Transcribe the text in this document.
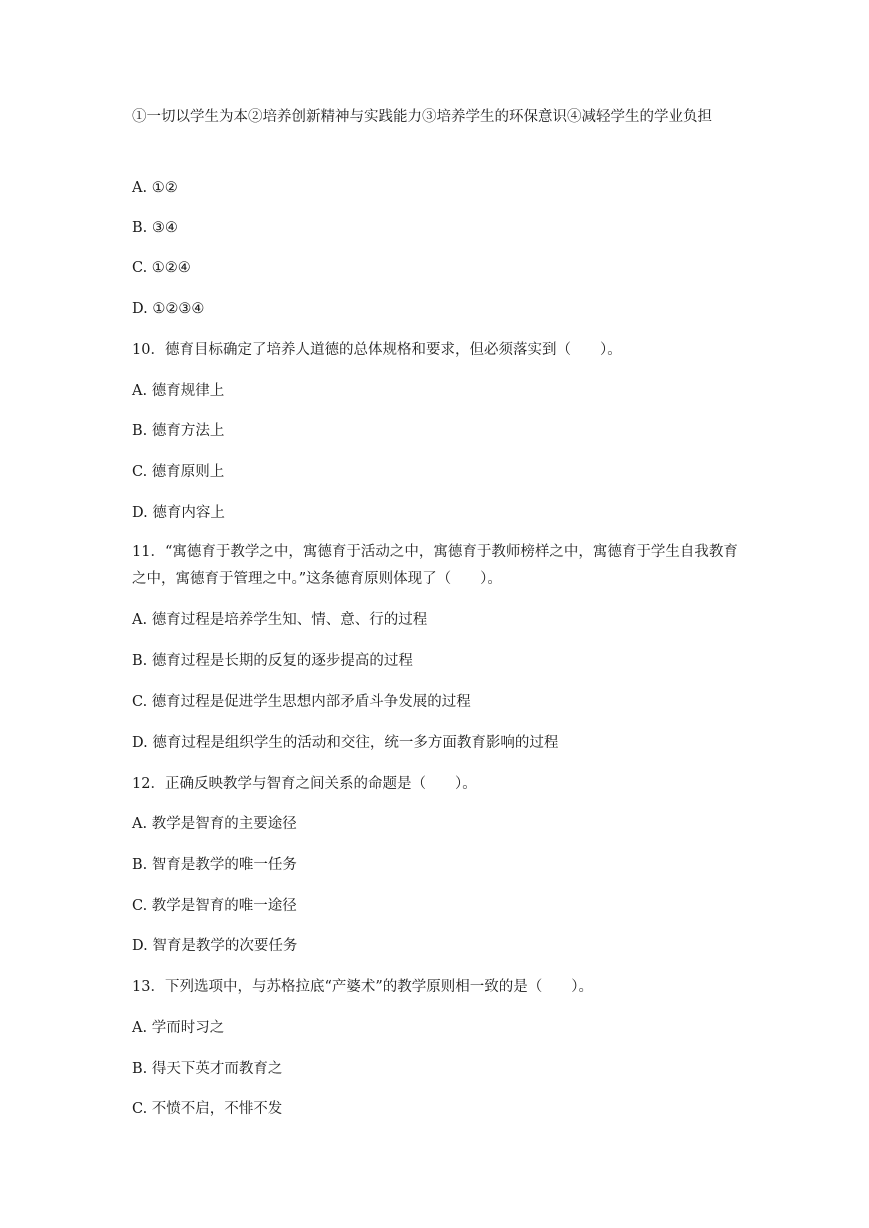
①一切以学生为本②培养创新精神与实践能力③培养学生的环保意识④减轻学生的学业负担
A. ①②
B. ③④
C. ①②④
D. ①②③④
10．德育目标确定了培养人道德的总体规格和要求，但必须落实到（　　）。
A. 德育规律上
B. 德育方法上
C. 德育原则上
D. 德育内容上
11．“寓德育于教学之中，寓德育于活动之中，寓德育于教师榜样之中，寓德育于学生自我教育之中，寓德育于管理之中。”这条德育原则体现了（　　）。
A. 德育过程是培养学生知、情、意、行的过程
B. 德育过程是长期的反复的逐步提高的过程
C. 德育过程是促进学生思想内部矛盾斗争发展的过程
D. 德育过程是组织学生的活动和交往，统一多方面教育影响的过程
12．正确反映教学与智育之间关系的命题是（　　）。
A. 教学是智育的主要途径
B. 智育是教学的唯一任务
C. 教学是智育的唯一途径
D. 智育是教学的次要任务
13．下列选项中，与苏格拉底“产婆术”的教学原则相一致的是（　　）。
A. 学而时习之
B. 得天下英才而教育之
C. 不愤不启，不悱不发
